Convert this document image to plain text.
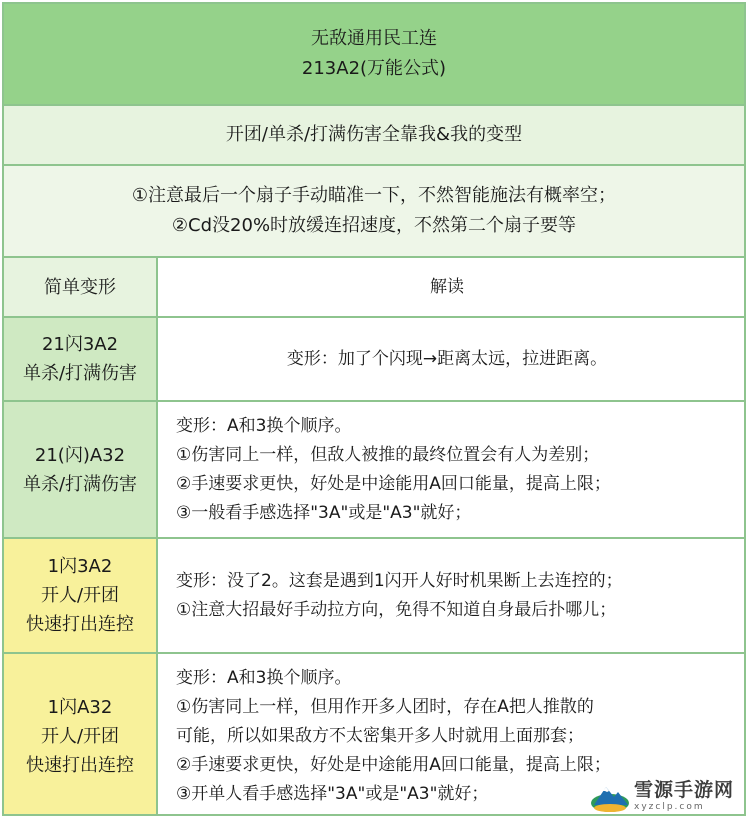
无敌通用民工连
213A2(万能公式)
开团/单杀/打满伤害全靠我&我的变型
①注意最后一个扇子手动瞄准一下，不然智能施法有概率空；
②Cd没20%时放缓连招速度，不然第二个扇子要等
简单变形	解读
21闪3A2
单杀/打满伤害
变形：加了个闪现→距离太远，拉进距离。
21(闪)A32
单杀/打满伤害
变形：A和3换个顺序。
①伤害同上一样，但敌人被推的最终位置会有人为差别；
②手速要求更快，好处是中途能用A回口能量，提高上限；
③一般看手感选择"3A"或是"A3"就好；
1闪3A2
开人/开团
快速打出连控
变形：没了2。这套是遇到1闪开人好时机果断上去连控的；
①注意大招最好手动拉方向，免得不知道自身最后扑哪儿；
1闪A32
开人/开团
快速打出连控
变形：A和3换个顺序。
①伤害同上一样，但用作开多人团时，存在A把人推散的
可能，所以如果敌方不太密集开多人时就用上面那套；
②手速要求更快，好处是中途能用A回口能量，提高上限；
③开单人看手感选择"3A"或是"A3"就好；	雪源手游网
xyzclp.com
